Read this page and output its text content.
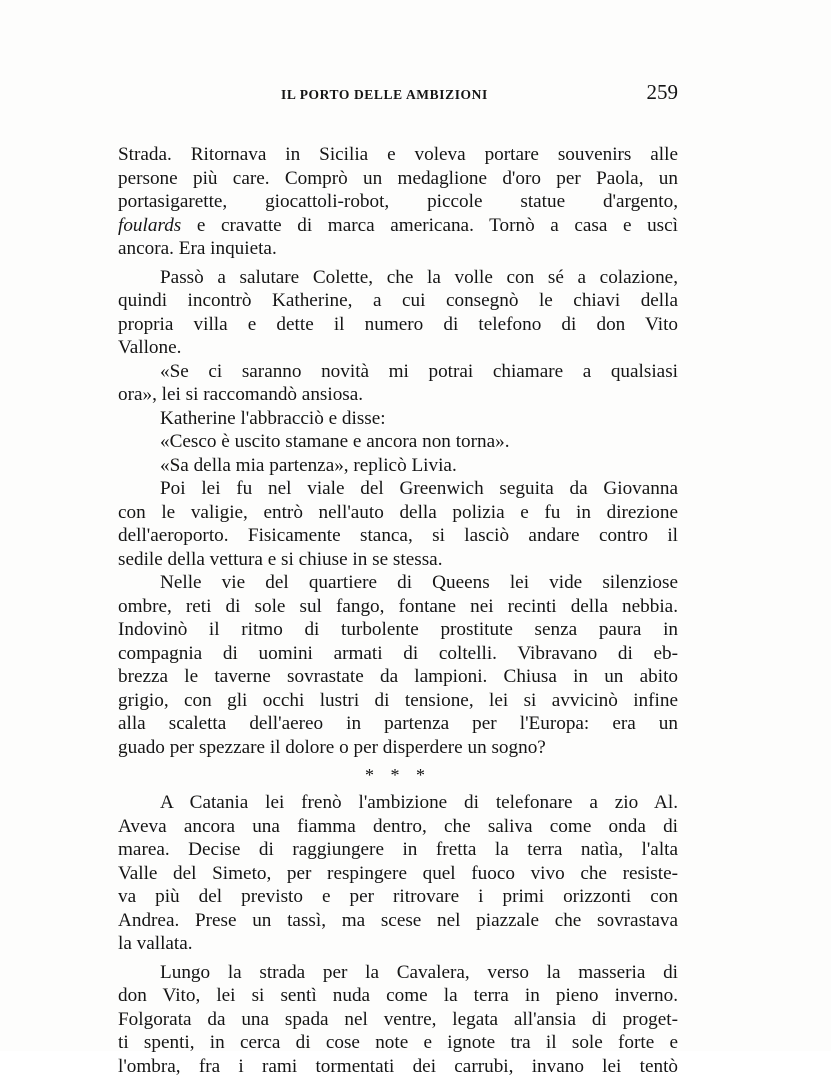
IL PORTO DELLE AMBIZIONI	259
Strada. Ritornava in Sicilia e voleva portare souvenirs alle
persone più care. Comprò un medaglione d'oro per Paola, un
portasigarette, giocattoli-robot, piccole statue d'argento,
foulards e cravatte di marca americana. Tornò a casa e uscì
ancora. Era inquieta.
Passò a salutare Colette, che la volle con sé a colazione,
quindi incontrò Katherine, a cui consegnò le chiavi della
propria villa e dette il numero di telefono di don Vito
Vallone.
«Se ci saranno novità mi potrai chiamare a qualsiasi
ora», lei si raccomandò ansiosa.
Katherine l'abbracciò e disse:
«Cesco è uscito stamane e ancora non torna».
«Sa della mia partenza», replicò Livia.
Poi lei fu nel viale del Greenwich seguita da Giovanna
con le valigie, entrò nell'auto della polizia e fu in direzione
dell'aeroporto. Fisicamente stanca, si lasciò andare contro il
sedile della vettura e si chiuse in se stessa.
Nelle vie del quartiere di Queens lei vide silenziose
ombre, reti di sole sul fango, fontane nei recinti della nebbia.
Indovinò il ritmo di turbolente prostitute senza paura in
compagnia di uomini armati di coltelli. Vibravano di eb-
brezza le taverne sovrastate da lampioni. Chiusa in un abito
grigio, con gli occhi lustri di tensione, lei si avvicinò infine
alla scaletta dell'aereo in partenza per l'Europa: era un
guado per spezzare il dolore o per disperdere un sogno?
* * *
A Catania lei frenò l'ambizione di telefonare a zio Al.
Aveva ancora una fiamma dentro, che saliva come onda di
marea. Decise di raggiungere in fretta la terra natìa, l'alta
Valle del Simeto, per respingere quel fuoco vivo che resiste-
va più del previsto e per ritrovare i primi orizzonti con
Andrea. Prese un tassì, ma scese nel piazzale che sovrastava
la vallata.
Lungo la strada per la Cavalera, verso la masseria di
don Vito, lei si sentì nuda come la terra in pieno inverno.
Folgorata da una spada nel ventre, legata all'ansia di proget-
ti spenti, in cerca di cose note e ignote tra il sole forte e
l'ombra, fra i rami tormentati dei carrubi, invano lei tentò
